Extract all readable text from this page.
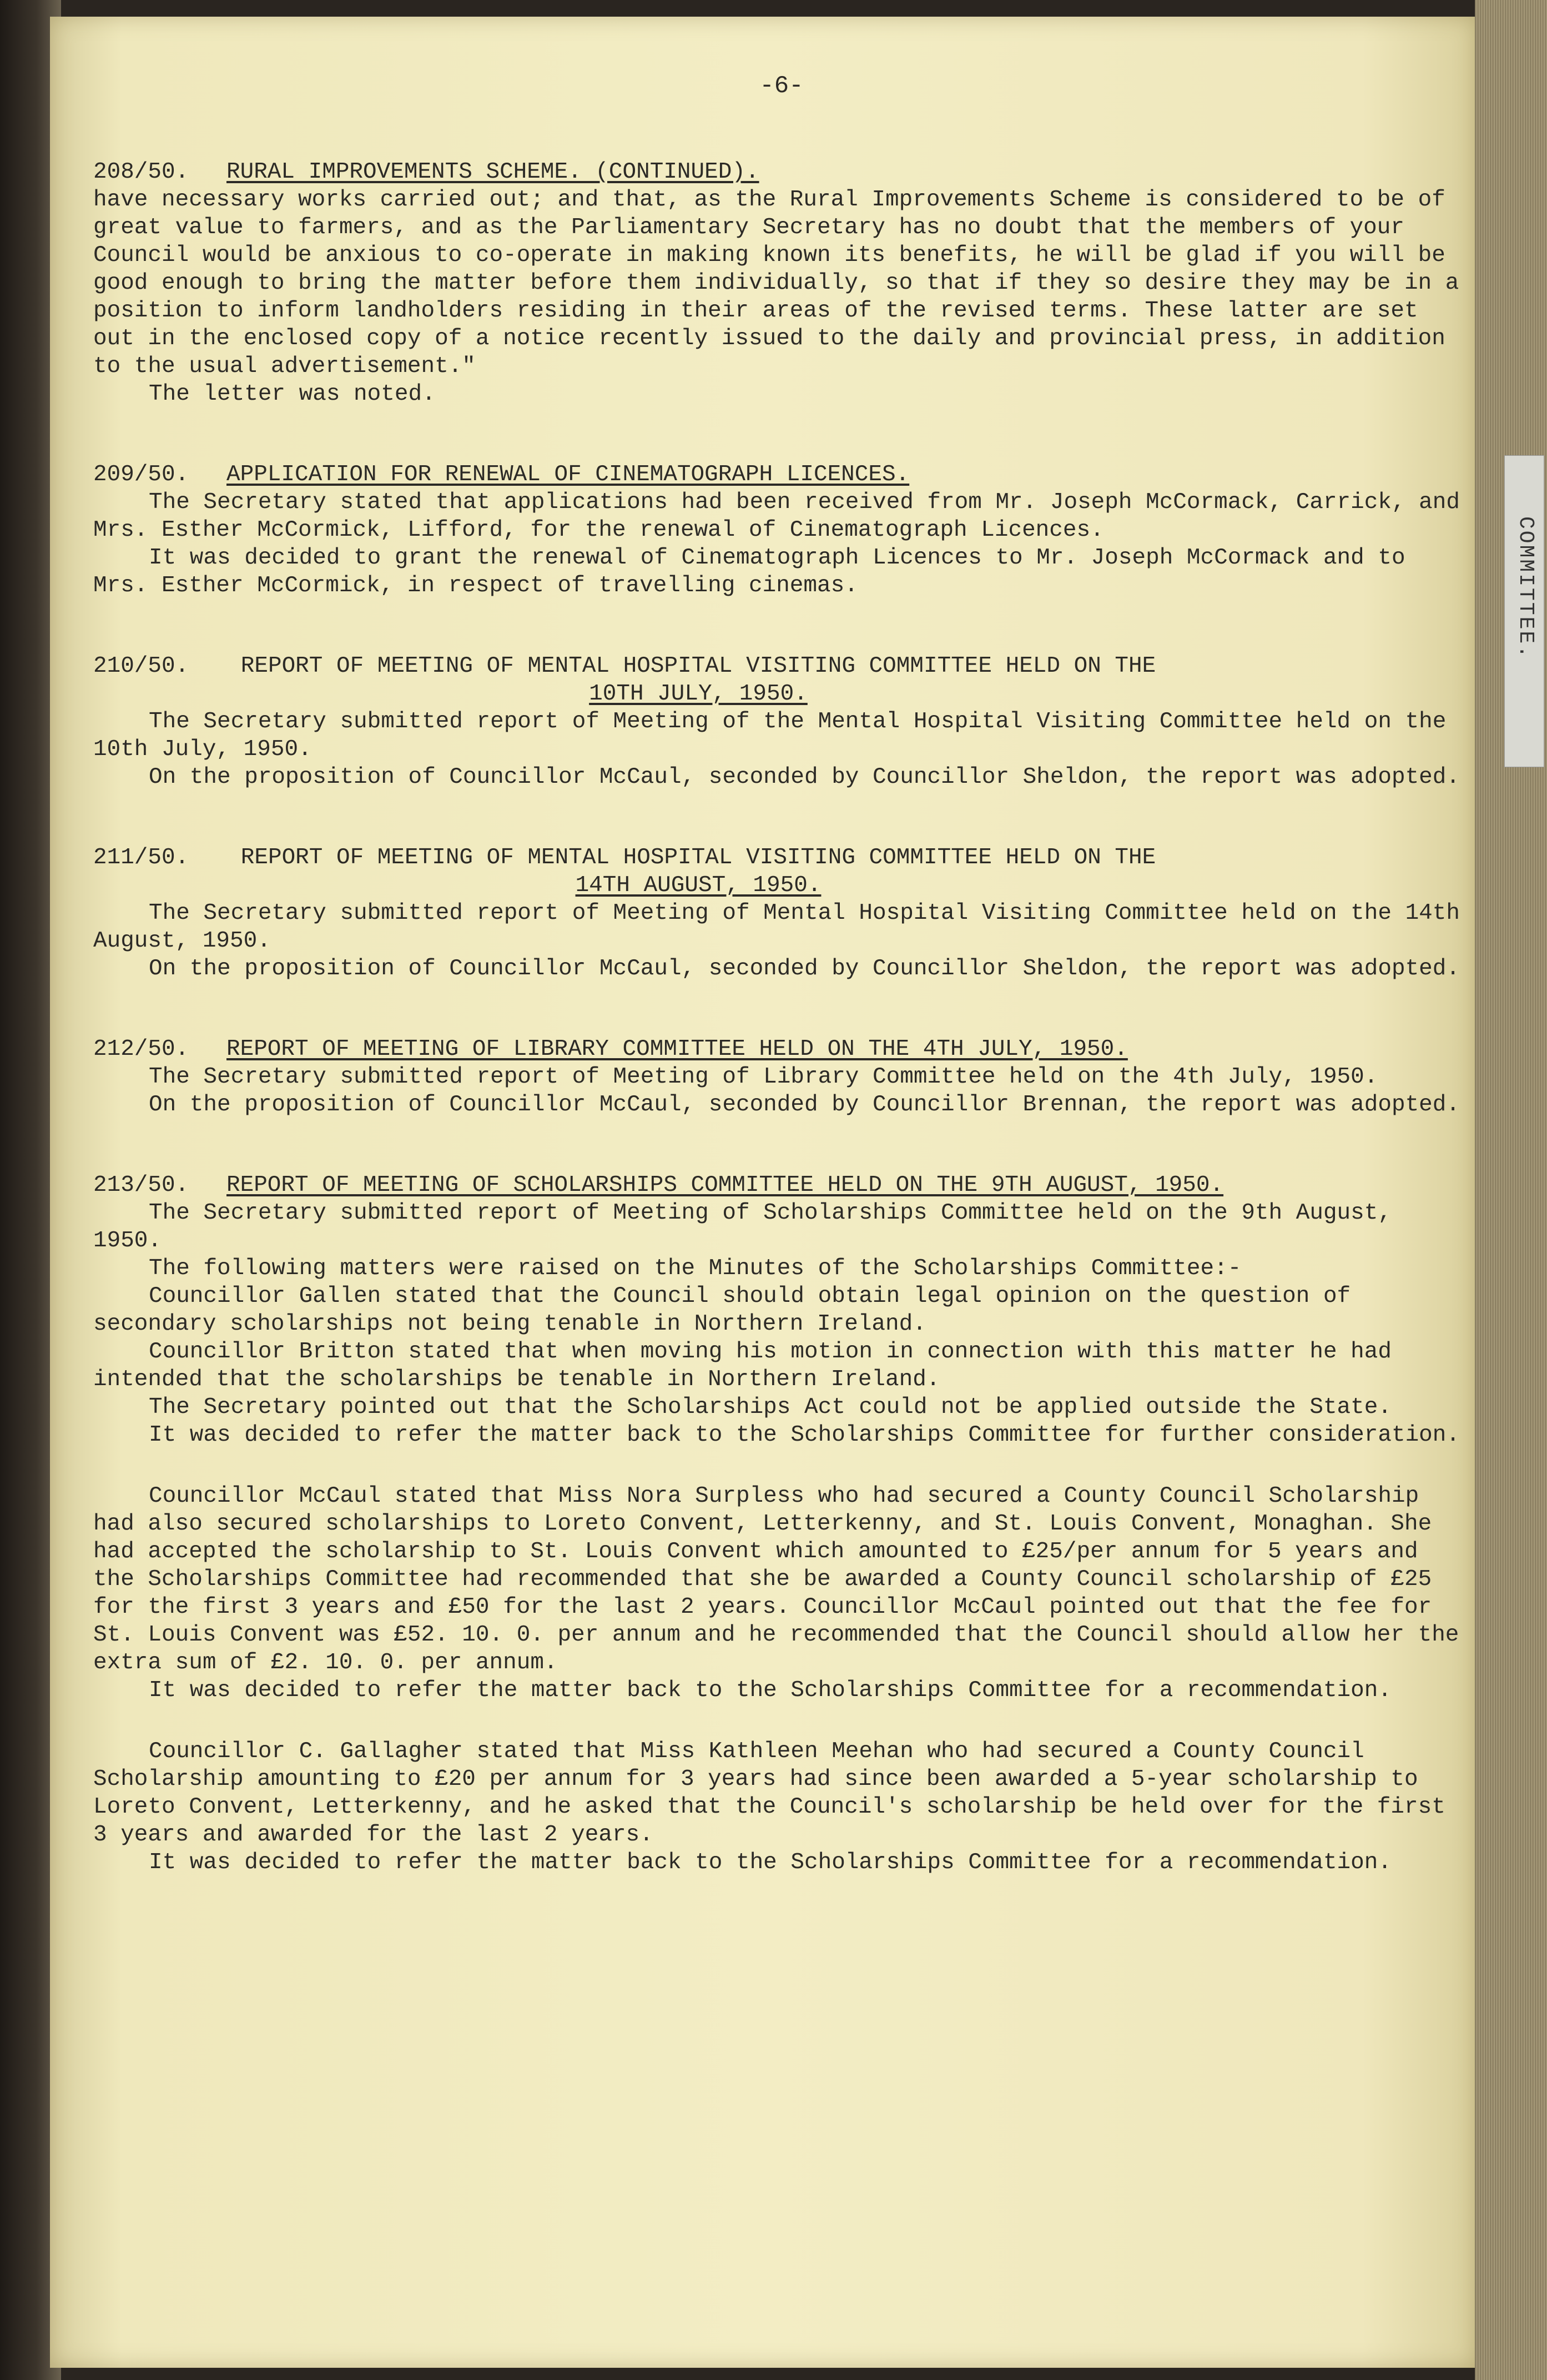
COMMITTEE.
-6-
208/50.	RURAL IMPROVEMENTS SCHEME. (CONTINUED).

have necessary works carried out; and that, as the Rural Improvements Scheme is considered to be of great value to farmers, and as the Parliamentary Secretary has no doubt that the members of your Council would be anxious to co-operate in making known its benefits, he will be glad if you will be good enough to bring the matter before them individually, so that if they so desire they may be in a position to inform landholders residing in their areas of the revised terms. These latter are set out in the enclosed copy of a notice recently issued to the daily and provincial press, in addition to the usual advertisement."

The letter was noted.

209/50.	APPLICATION FOR RENEWAL OF CINEMATOGRAPH LICENCES.

The Secretary stated that applications had been received from Mr. Joseph McCormack, Carrick, and Mrs. Esther McCormick, Lifford, for the renewal of Cinematograph Licences.

It was decided to grant the renewal of Cinematograph Licences to Mr. Joseph McCormack and to Mrs. Esther McCormick, in respect of travelling cinemas.

210/50.	REPORT OF MEETING OF MENTAL HOSPITAL VISITING COMMITTEE HELD ON THE
10TH JULY, 1950.

The Secretary submitted report of Meeting of the Mental Hospital Visiting Committee held on the 10th July, 1950.

On the proposition of Councillor McCaul, seconded by Councillor Sheldon, the report was adopted.

211/50.	REPORT OF MEETING OF MENTAL HOSPITAL VISITING COMMITTEE HELD ON THE
14TH AUGUST, 1950.

The Secretary submitted report of Meeting of Mental Hospital Visiting Committee held on the 14th August, 1950.

On the proposition of Councillor McCaul, seconded by Councillor Sheldon, the report was adopted.

212/50.	REPORT OF MEETING OF LIBRARY COMMITTEE HELD ON THE 4TH JULY, 1950.

The Secretary submitted report of Meeting of Library Committee held on the 4th July, 1950.

On the proposition of Councillor McCaul, seconded by Councillor Brennan, the report was adopted.

213/50.	REPORT OF MEETING OF SCHOLARSHIPS COMMITTEE HELD ON THE 9TH AUGUST, 1950.

The Secretary submitted report of Meeting of Scholarships Committee held on the 9th August, 1950.

The following matters were raised on the Minutes of the Scholarships Committee:-

Councillor Gallen stated that the Council should obtain legal opinion on the question of secondary scholarships not being tenable in Northern Ireland.

Councillor Britton stated that when moving his motion in connection with this matter he had intended that the scholarships be tenable in Northern Ireland.

The Secretary pointed out that the Scholarships Act could not be applied outside the State.

It was decided to refer the matter back to the Scholarships Committee for further consideration.

Councillor McCaul stated that Miss Nora Surpless who had secured a County Council Scholarship had also secured scholarships to Loreto Convent, Letterkenny, and St. Louis Convent, Monaghan. She had accepted the scholarship to St. Louis Convent which amounted to £25/per annum for 5 years and the Scholarships Committee had recommended that she be awarded a County Council scholarship of £25 for the first 3 years and £50 for the last 2 years. Councillor McCaul pointed out that the fee for St. Louis Convent was £52. 10. 0. per annum and he recommended that the Council should allow her the extra sum of £2. 10. 0. per annum.

It was decided to refer the matter back to the Scholarships Committee for a recommendation.

Councillor C. Gallagher stated that Miss Kathleen Meehan who had secured a County Council Scholarship amounting to £20 per annum for 3 years had since been awarded a 5-year scholarship to Loreto Convent, Letterkenny, and he asked that the Council's scholarship be held over for the first 3 years and awarded for the last 2 years.

It was decided to refer the matter back to the Scholarships Committee for a recommendation.
